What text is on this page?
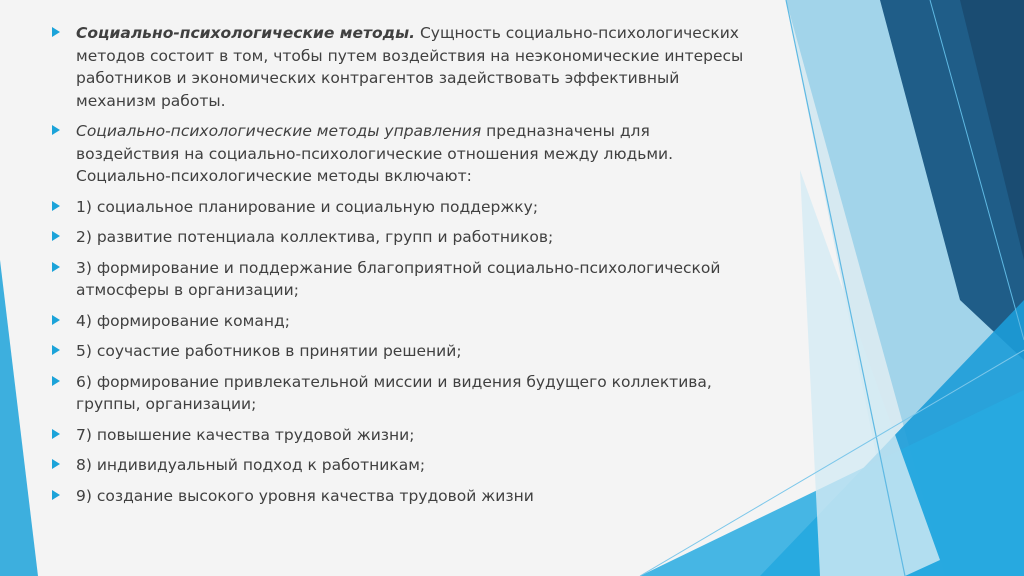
Социально-психологические методы. Сущность социально-психологических методов состоит в том, чтобы путем воздействия на неэкономические интересы работников и экономических контрагентов задействовать эффективный механизм работы.
Социально-психологические методы управления предназначены для воздействия на социально-психологические отношения между людьми. Социально-психологические методы включают:
1) социальное планирование и социальную поддержку;
2) развитие потенциала коллектива, групп и работников;
3) формирование и поддержание благоприятной социально-психологической атмосферы в организации;
4) формирование команд;
5) соучастие работников в принятии решений;
6) формирование привлекательной миссии и видения будущего коллектива, группы, организации;
7) повышение качества трудовой жизни;
8) индивидуальный подход к работникам;
9) создание высокого уровня качества трудовой жизни
